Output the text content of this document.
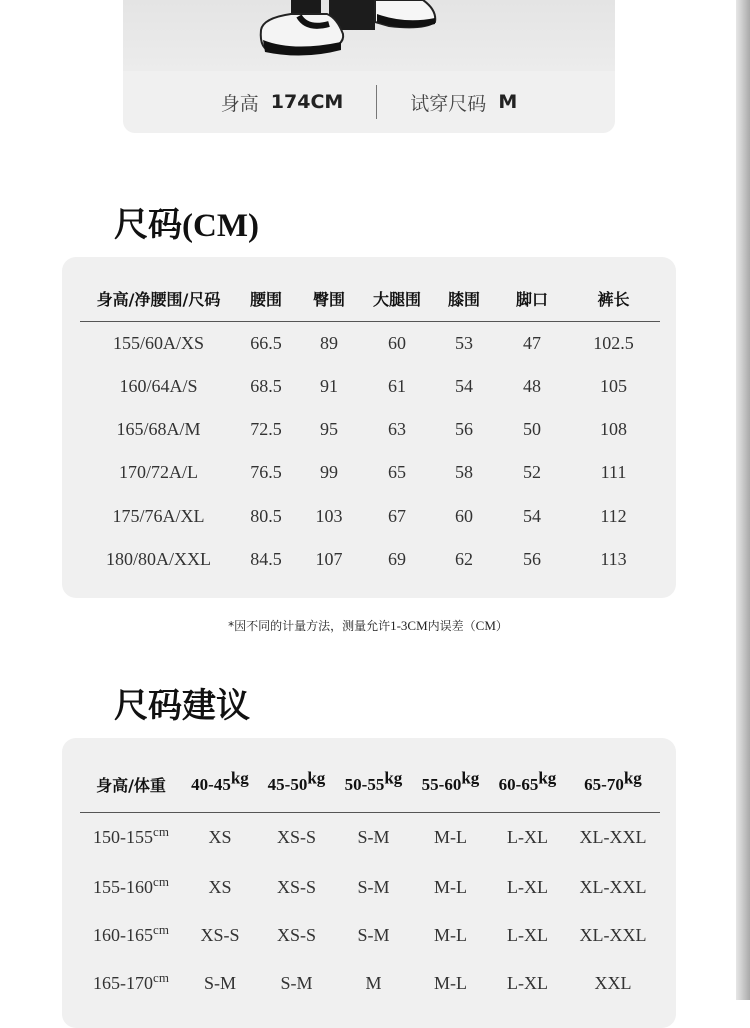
身高 174CM	试穿尺码 M
尺码(CM)
身高/净腰围/尺码	腰围	臀围	大腿围	膝围	脚口	裤长
155/60A/XS	66.5	89	60	53	47	102.5
160/64A/S	68.5	91	61	54	48	105
165/68A/M	72.5	95	63	56	50	108
170/72A/L	76.5	99	65	58	52	111
175/76A/XL	80.5	103	67	60	54	112
180/80A/XXL	84.5	107	69	62	56	113
*因不同的计量方法，测量允许1-3CM内误差（CM）
尺码建议
身高/体重	$40-45^{kg}$	$45-50^{kg}$	$50-55^{kg}$	$55-60^{kg}$	$60-65^{kg}$	$65-70^{kg}$
$150-155^{cm}$	XS	XS-S	S-M	M-L	L-XL	XL-XXL
$155-160^{cm}$	XS	XS-S	S-M	M-L	L-XL	XL-XXL
$160-165^{cm}$	XS-S	XS-S	S-M	M-L	L-XL	XL-XXL
$165-170^{cm}$	S-M	S-M	M	M-L	L-XL	XXL
